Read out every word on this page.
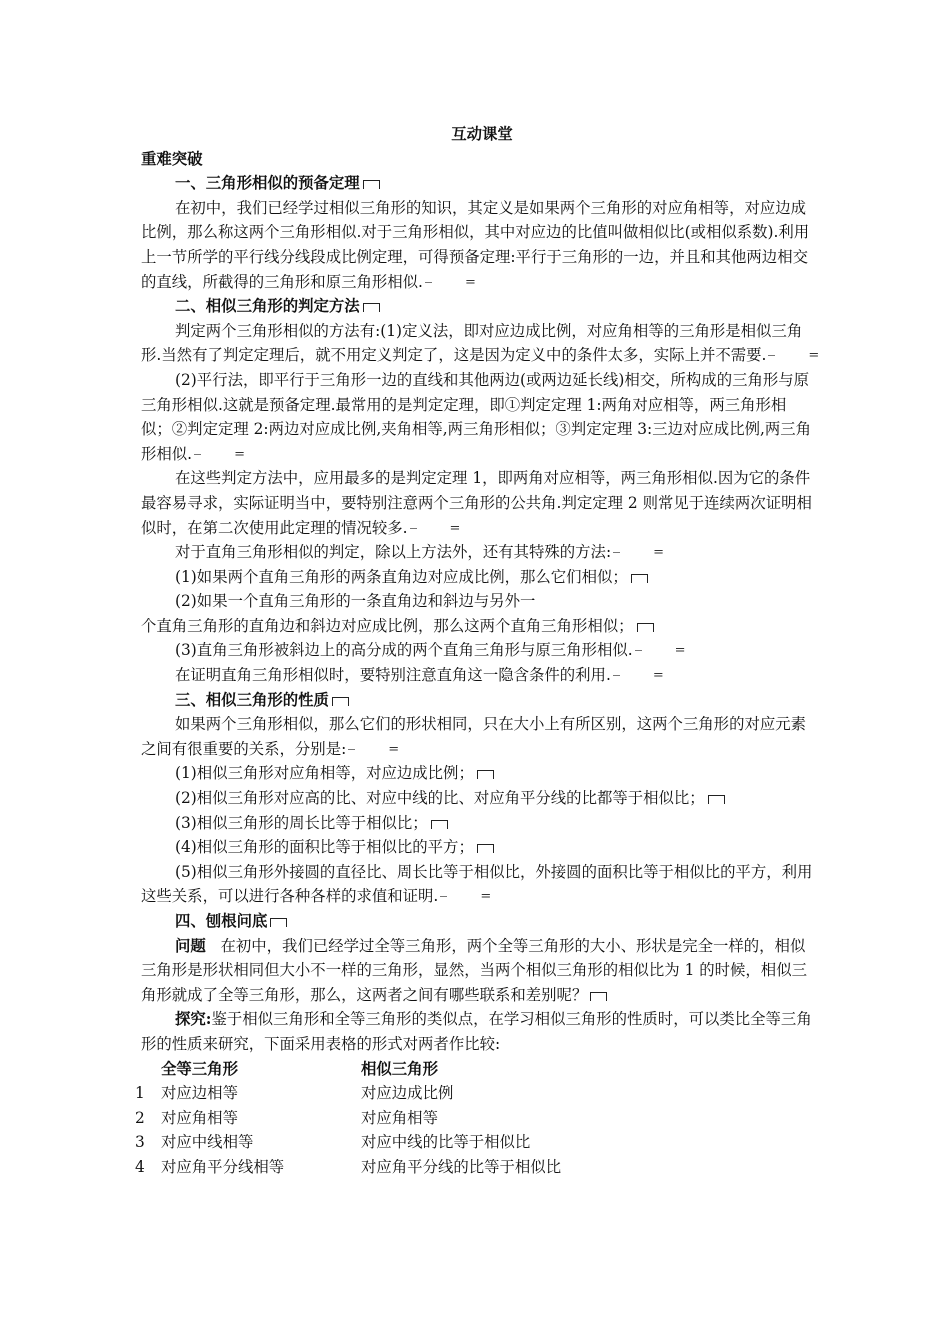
互动课堂

重难突破

一、三角形相似的预备定理

在初中，我们已经学过相似三角形的知识，其定义是如果两个三角形的对应角相等，对应边成比例，那么称这两个三角形相似.对于三角形相似，其中对应边的比值叫做相似比(或相似系数).利用上一节所学的平行线分线段成比例定理，可得预备定理:平行于三角形的一边，并且和其他两边相交的直线，所截得的三角形和原三角形相似.=

二、相似三角形的判定方法

判定两个三角形相似的方法有:(1)定义法，即对应边成比例，对应角相等的三角形是相似三角形.当然有了判定定理后，就不用定义判定了，这是因为定义中的条件太多，实际上并不需要.=

(2)平行法，即平行于三角形一边的直线和其他两边(或两边延长线)相交，所构成的三角形与原三角形相似.这就是预备定理.最常用的是判定定理，即①判定定理 1:两角对应相等，两三角形相似；②判定定理 2:两边对应成比例,夹角相等,两三角形相似；③判定定理 3:三边对应成比例,两三角形相似.=

在这些判定方法中，应用最多的是判定定理 1，即两角对应相等，两三角形相似.因为它的条件最容易寻求，实际证明当中，要特别注意两个三角形的公共角.判定定理 2 则常见于连续两次证明相似时，在第二次使用此定理的情况较多.=

对于直角三角形相似的判定，除以上方法外，还有其特殊的方法:=

(1)如果两个直角三角形的两条直角边对应成比例，那么它们相似；

(2)如果一个直角三角形的一条直角边和斜边与另外一

个直角三角形的直角边和斜边对应成比例，那么这两个直角三角形相似；

(3)直角三角形被斜边上的高分成的两个直角三角形与原三角形相似.=

在证明直角三角形相似时，要特别注意直角这一隐含条件的利用.=

三、相似三角形的性质

如果两个三角形相似，那么它们的形状相同，只在大小上有所区别，这两个三角形的对应元素之间有很重要的关系，分别是:=

(1)相似三角形对应角相等，对应边成比例；

(2)相似三角形对应高的比、对应中线的比、对应角平分线的比都等于相似比；

(3)相似三角形的周长比等于相似比；

(4)相似三角形的面积比等于相似比的平方；

(5)相似三角形外接圆的直径比、周长比等于相似比，外接圆的面积比等于相似比的平方，利用这些关系，可以进行各种各样的求值和证明.=

四、刨根问底

问题 在初中，我们已经学过全等三角形，两个全等三角形的大小、形状是完全一样的，相似三角形是形状相同但大小不一样的三角形，显然，当两个相似三角形的相似比为 1 的时候，相似三角形就成了全等三角形，那么，这两者之间有哪些联系和差别呢？

探究:鉴于相似三角形和全等三角形的类似点，在学习相似三角形的性质时，可以类比全等三角形的性质来研究，下面采用表格的形式对两者作比较:

	全等三角形	相似三角形
1	对应边相等	对应边成比例
2	对应角相等	对应角相等
3	对应中线相等	对应中线的比等于相似比
4	对应角平分线相等	对应角平分线的比等于相似比
